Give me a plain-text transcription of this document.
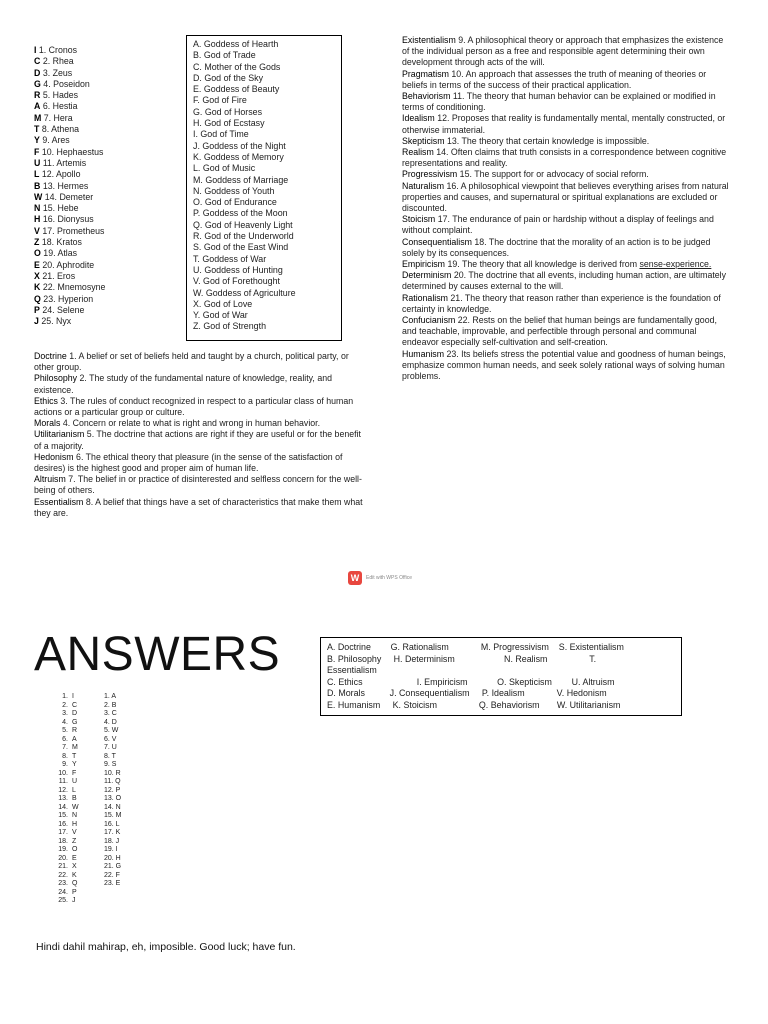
I 1. Cronos
C 2. Rhea
D 3. Zeus
G 4. Poseidon
R 5. Hades
A 6. Hestia
M 7. Hera
T 8. Athena
Y 9. Ares
F 10. Hephaestus
U 11. Artemis
L 12. Apollo
B 13. Hermes
W 14. Demeter
N 15. Hebe
H 16. Dionysus
V 17. Prometheus
Z 18. Kratos
O 19. Atlas
E 20. Aphrodite
X 21. Eros
K 22. Mnemosyne
Q 23. Hyperion
P 24. Selene
J 25. Nyx
A. Goddess of Hearth
B. God of Trade
C. Mother of the Gods
D. God of the Sky
E. Goddess of Beauty
F. God of Fire
G. God of Horses
H. God of Ecstasy
I. God of Time
J. Goddess of the Night
K. Goddess of Memory
L. God of Music
M. Goddess of Marriage
N. Goddess of Youth
O. God of Endurance
P. Goddess of the Moon
Q. God of Heavenly Light
R. God of the Underworld
S. God of the East Wind
T. Goddess of War
U. Goddess of Hunting
V. God of Forethought
W. Goddess of Agriculture
X. God of Love
Y. God of War
Z. God of Strength

Doctrine 1. A belief or set of beliefs held and taught by a church, political party, or other group.

Philosophy 2. The study of the fundamental nature of knowledge, reality, and existence.

Ethics 3. The rules of conduct recognized in respect to a particular class of human actions or a particular group or culture.

Morals 4. Concern or relate to what is right and wrong in human behavior.

Utilitarianism 5. The doctrine that actions are right if they are useful or for the benefit of a majority.

Hedonism 6. The ethical theory that pleasure (in the sense of the satisfaction of desires) is the highest good and proper aim of human life.

Altruism 7. The belief in or practice of disinterested and selfless concern for the well-being of others.

Essentialism 8. A belief that things have a set of characteristics that make them what they are.

Existentialism 9. A philosophical theory or approach that emphasizes the existence of the individual person as a free and responsible agent determining their own development through acts of the will.

Pragmatism 10. An approach that assesses the truth of meaning of theories or beliefs in terms of the success of their practical application.

Behaviorism 11. The theory that human behavior can be explained or modified in terms of conditioning.

Idealism 12. Proposes that reality is fundamentally mental, mentally constructed, or otherwise immaterial.

Skepticism 13. The theory that certain knowledge is impossible.

Realism 14. Often claims that truth consists in a correspondence between cognitive representations and reality.

Progressivism 15. The support for or advocacy of social reform.

Naturalism 16. A philosophical viewpoint that believes everything arises from natural properties and causes, and supernatural or spiritual explanations are excluded or discounted.

Stoicism 17. The endurance of pain or hardship without a display of feelings and without complaint.

Consequentialism 18. The doctrine that the morality of an action is to be judged solely by its consequences.

Empiricism 19. The theory that all knowledge is derived from sense-experience.

Determinism 20. The doctrine that all events, including human action, are ultimately determined by causes external to the will.

Rationalism 21. The theory that reason rather than experience is the foundation of certainty in knowledge.

Confucianism 22. Rests on the belief that human beings are fundamentally good, and teachable, improvable, and perfectible through personal and communal endeavor especially self-cultivation and self-creation.

Humanism 23. Its beliefs stress the potential value and goodness of human beings, emphasize common human needs, and seek solely rational ways of solving human problems.

W	Edit with WPS Office
ANSWERS	A. Doctrine        G. Rationalism             M. Progressivism    S. Existentialism
B. Philosophy     H. Determinism                    N. Realism                 T.
Essentialism
C. Ethics                      I. Empiricism            O. Skepticism        U. Altruism
D. Morals          J. Consequentialism     P. Idealism             V. Hedonism
E. Humanism     K. Stoicism                 Q. Behaviorism       W. Utilitarianism
1.
2.
3.
4.
5.
6.
7.
8.
9.
10.
11.
12.
13.
14.
15.
16.
17.
18.
19.
20.
21.
22.
23.
24.
25.
I
C
D
G
R
A
M
T
Y
F
U
L
B
W
N
H
V
Z
O
E
X
K
Q
P
J
1. A
2. B
3. C
4. D
5. W
6. V
7. U
8. T
9. S
10. R
11. Q
12. P
13. O
14. N
15. M
16. L
17. K
18. J
19. I
20. H
21. G
22. F
23. E
Hindi dahil mahirap, eh, imposible. Good luck; have fun.
